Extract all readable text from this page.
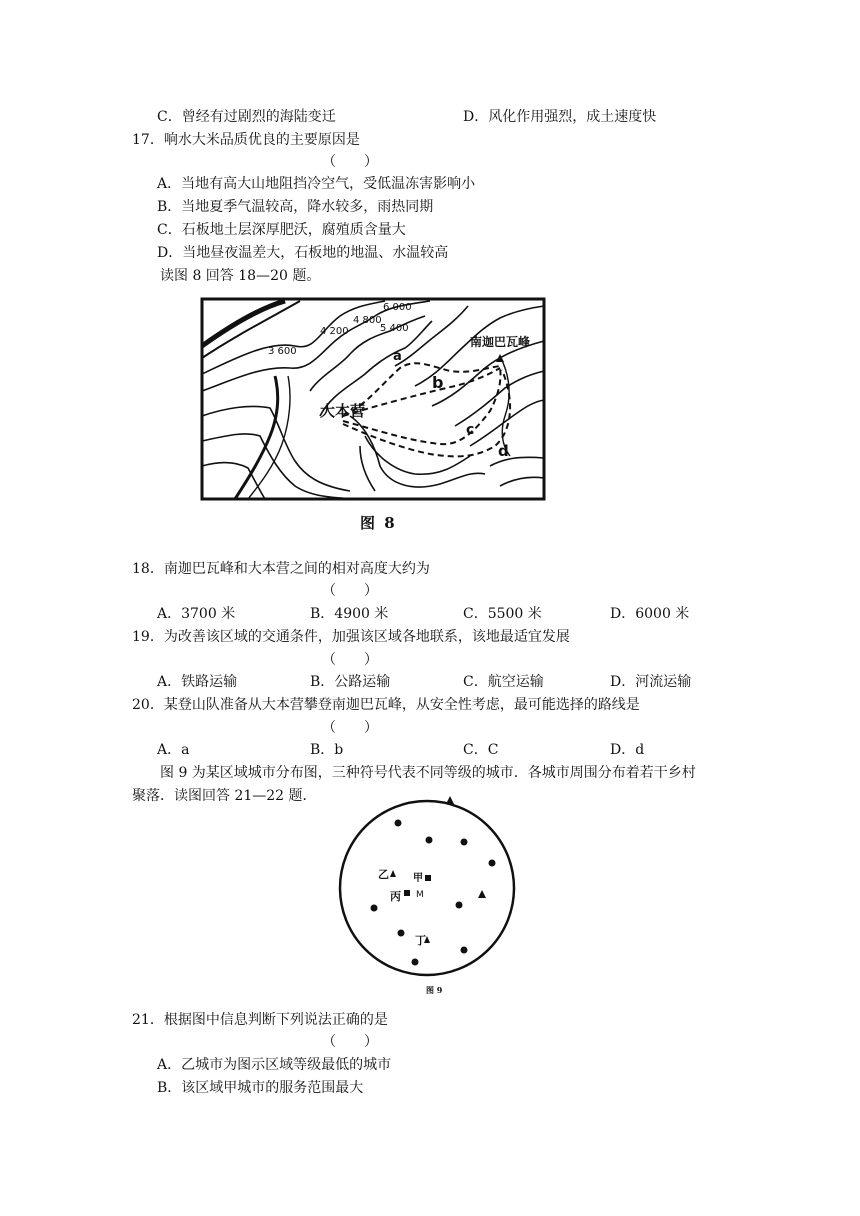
C．曾经有过剧烈的海陆变迁	D．风化作用强烈，成土速度快
17．响水大米品质优良的主要原因是
（　　）
A．当地有高大山地阻挡冷空气，受低温冻害影响小
B．当地夏季气温较高，降水较多，雨热同期
C．石板地土层深厚肥沃，腐殖质含量大
D．当地昼夜温差大，石板地的地温、水温较高
读图 8 回答 18—20 题。
6 000
4 800
5 400
4 200
3 600
南迦巴瓦峰
大本营
a
b
c
d
图 8
18．南迦巴瓦峰和大本营之间的相对高度大约为
（　　）
A．3700 米	B．4900 米	C．5500 米	D．6000 米
19．为改善该区域的交通条件，加强该区域各地联系，该地最适宜发展
（　　）
A．铁路运输	B．公路运输	C．航空运输	D．河流运输
20．某登山队准备从大本营攀登南迦巴瓦峰，从安全性考虑，最可能选择的路线是
（　　）
A．a	B．b	C．C	D．d
图 9 为某区域城市分布图，三种符号代表不同等级的城市．各城市周围分布着若干乡村
聚落．读图回答 21—22 题．
乙 甲
M
丙
丁
图 9
21．根据图中信息判断下列说法正确的是
（　　）
A．乙城市为图示区域等级最低的城市
B．该区域甲城市的服务范围最大
